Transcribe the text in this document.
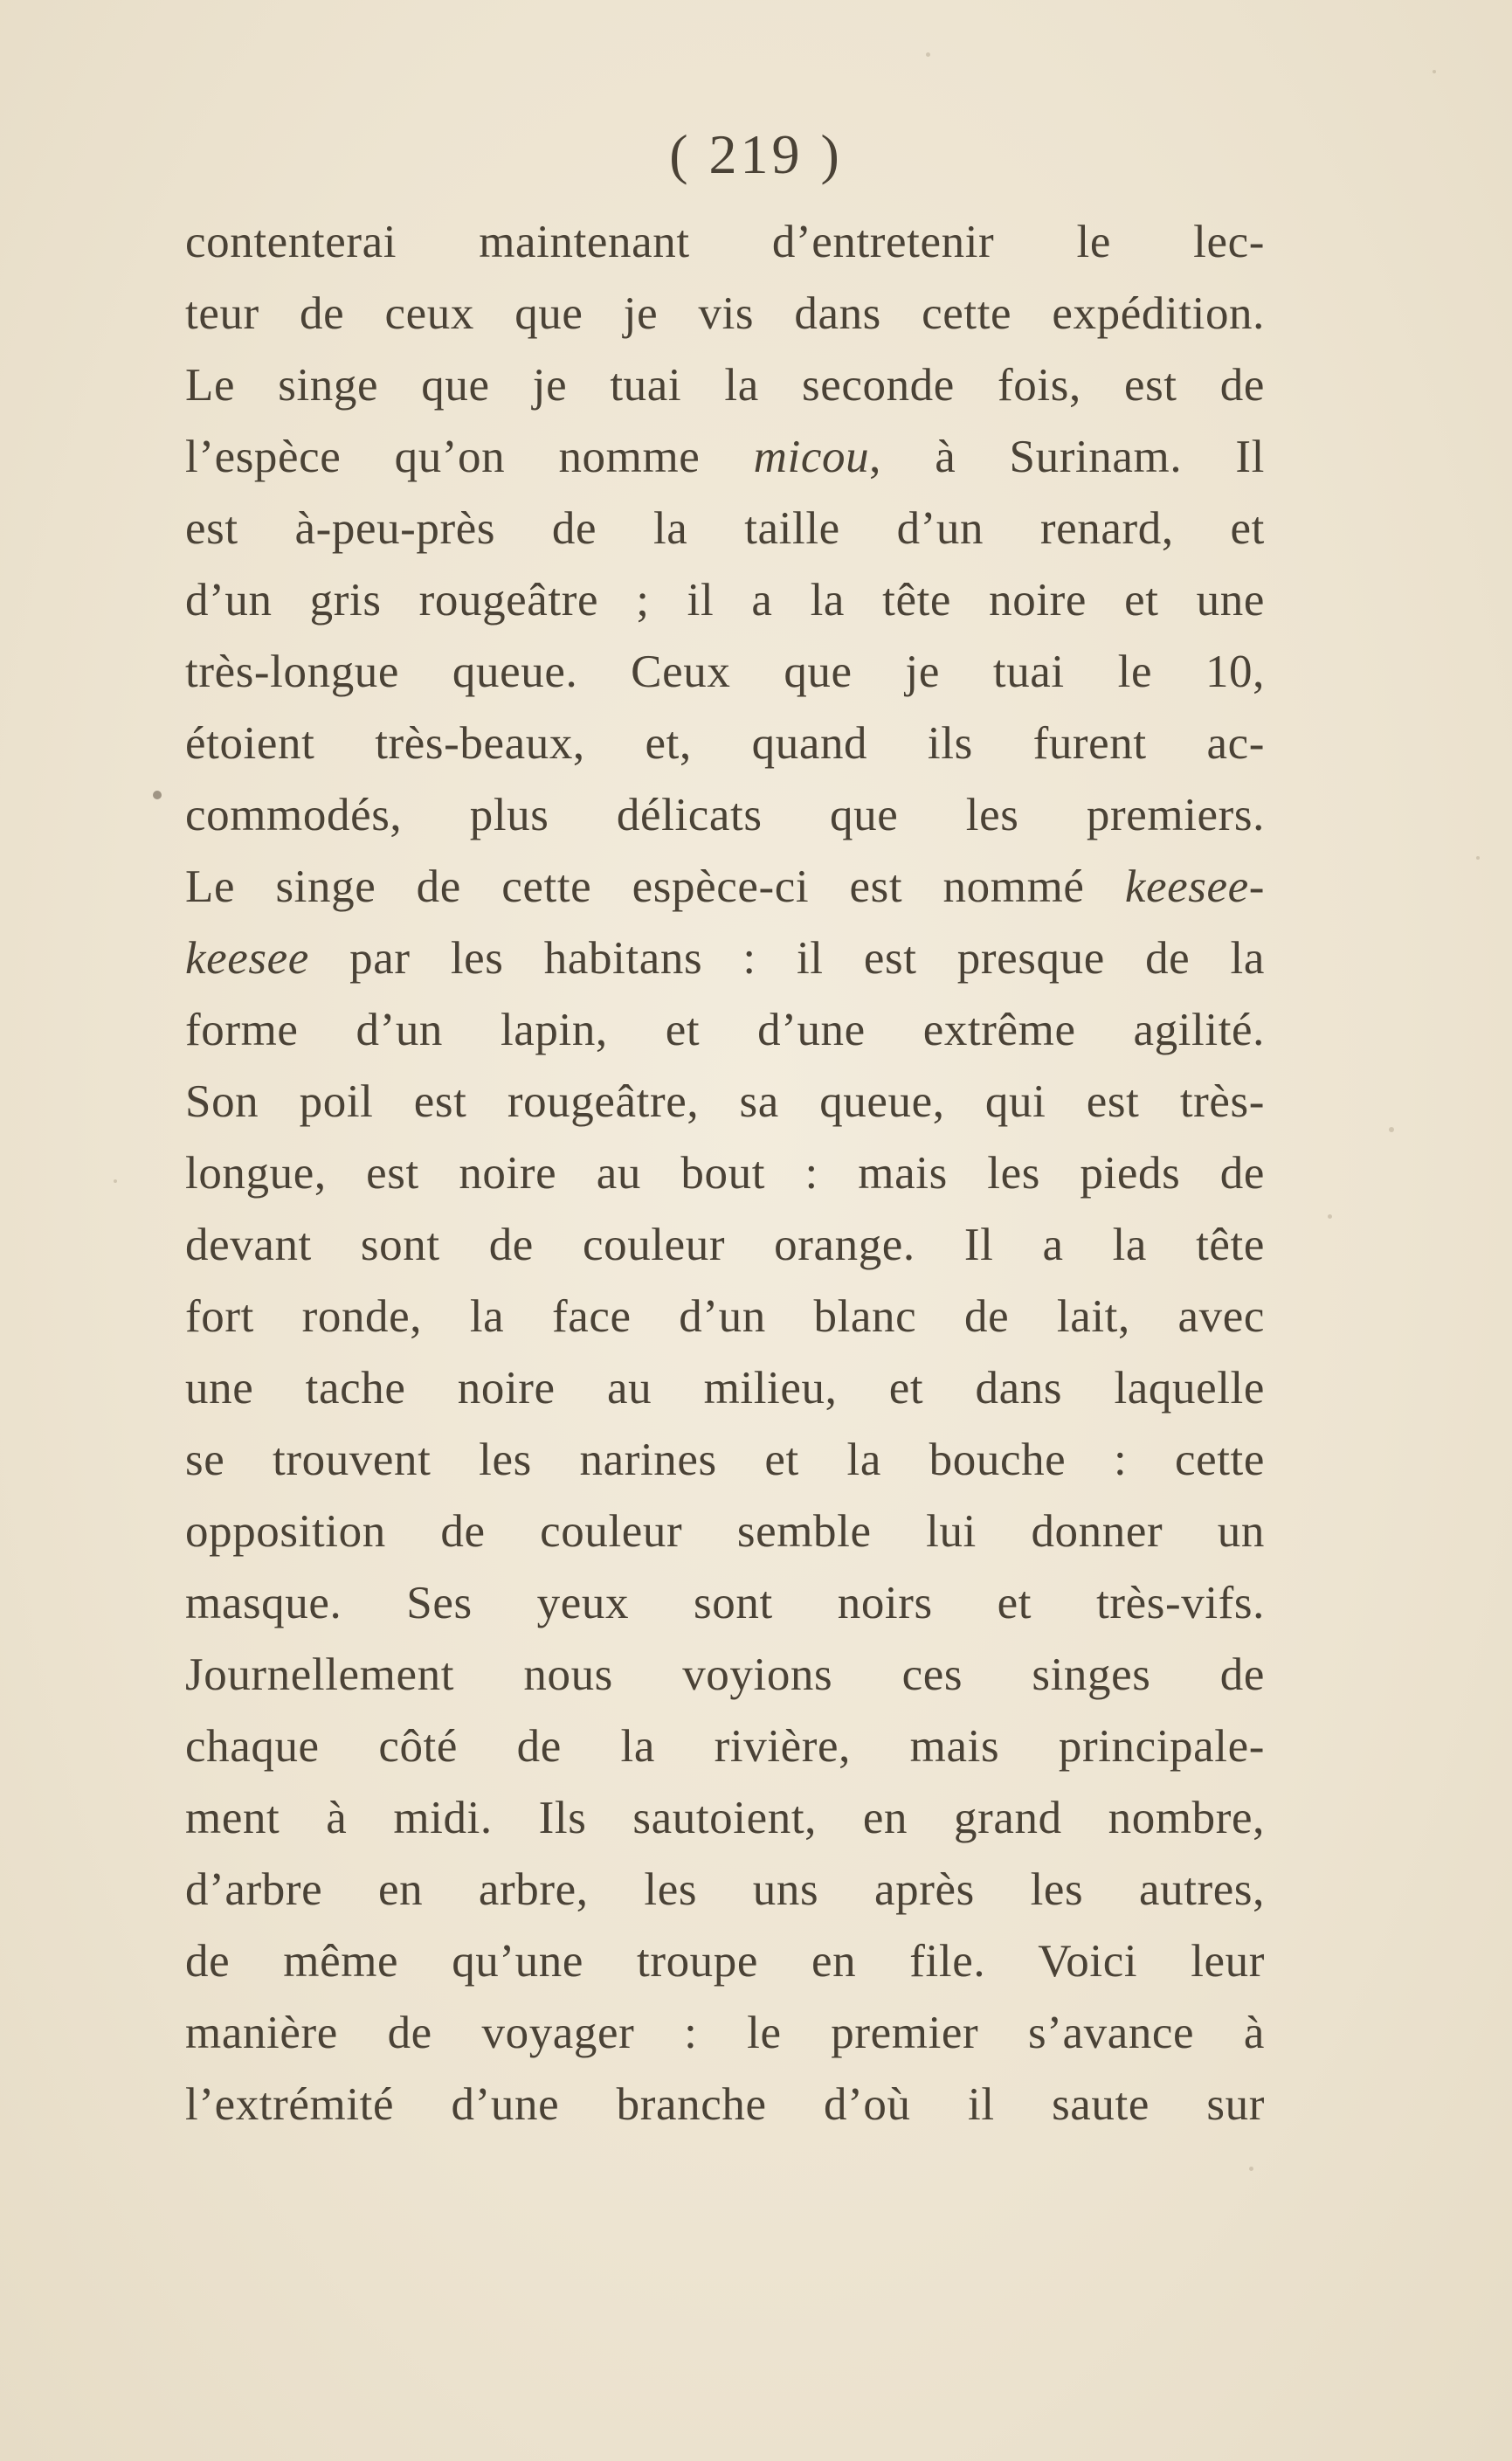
( 219 )
contenterai maintenant d’entretenir le lec-
teur de ceux que je vis dans cette expédition.
Le singe que je tuai la seconde fois, est de
l’espèce qu’on nomme micou, à Surinam. Il
est à-peu-près de la taille d’un renard, et
d’un gris rougeâtre ; il a la tête noire et une
très-longue queue. Ceux que je tuai le 10,
étoient très-beaux, et, quand ils furent ac-
commodés, plus délicats que les premiers.
Le singe de cette espèce-ci est nommé keesee-
keesee par les habitans : il est presque de la
forme d’un lapin, et d’une extrême agilité.
Son poil est rougeâtre, sa queue, qui est très-
longue, est noire au bout : mais les pieds de
devant sont de couleur orange. Il a la tête
fort ronde, la face d’un blanc de lait, avec
une tache noire au milieu, et dans laquelle
se trouvent les narines et la bouche : cette
opposition de couleur semble lui donner un
masque. Ses yeux sont noirs et très-vifs.
Journellement nous voyions ces singes de
chaque côté de la rivière, mais principale-
ment à midi. Ils sautoient, en grand nombre,
d’arbre en arbre, les uns après les autres,
de même qu’une troupe en file. Voici leur
manière de voyager : le premier s’avance à
l’extrémité d’une branche d’où il saute sur
